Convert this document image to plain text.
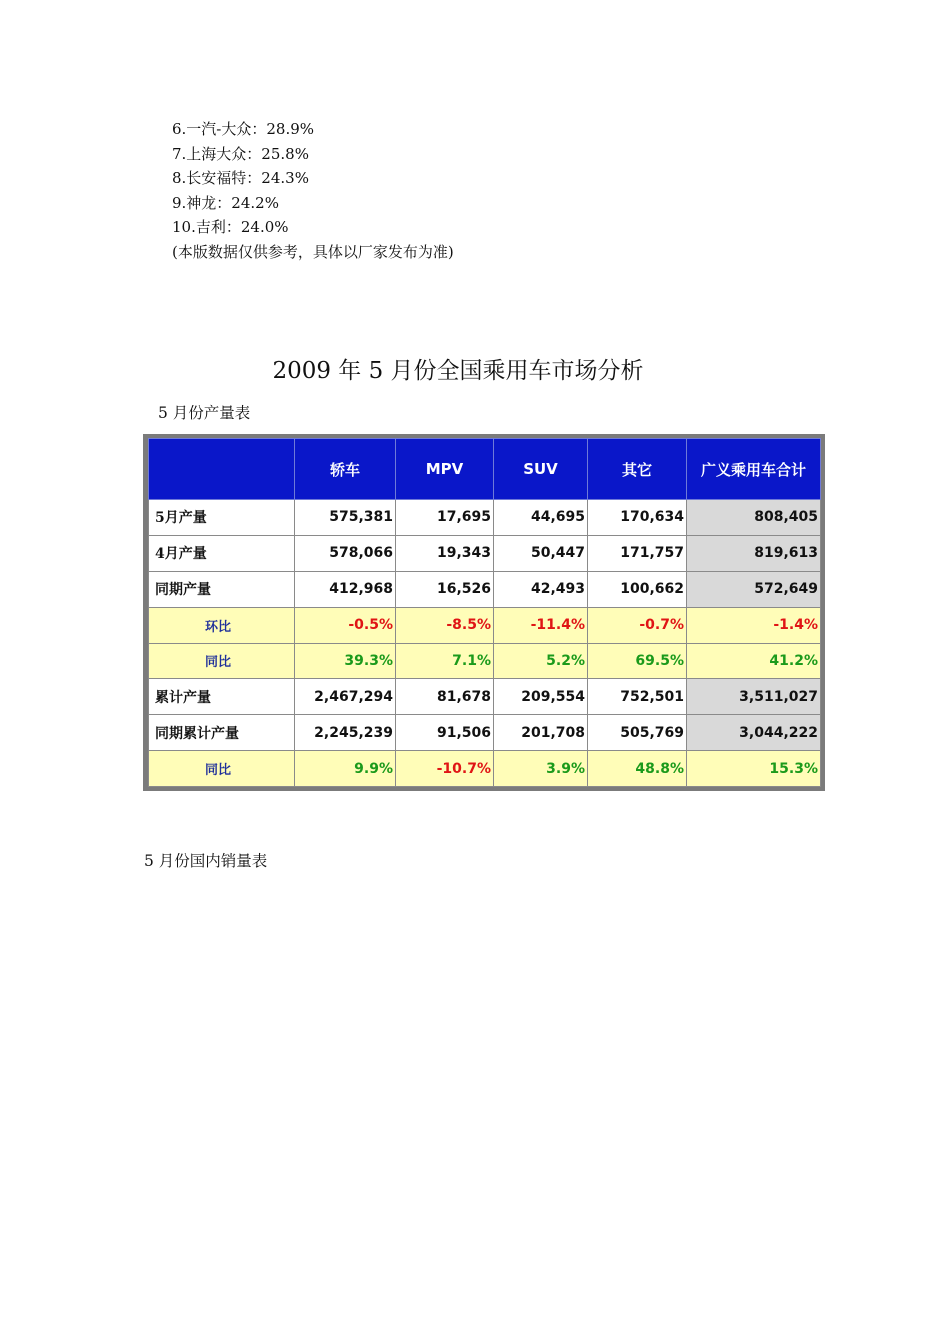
6.一汽-大众：28.9%
7.上海大众：25.8%
8.长安福特：24.3%
9.神龙：24.2%
10.吉利：24.0%
(本版数据仅供参考，具体以厂家发布为准)
2009 年 5 月份全国乘用车市场分析
5 月份产量表
	轿车	MPV	SUV	其它	广义乘用车合计
5月产量	575,381	17,695	44,695	170,634	808,405
4月产量	578,066	19,343	50,447	171,757	819,613
同期产量	412,968	16,526	42,493	100,662	572,649
环比	-0.5%	-8.5%	-11.4%	-0.7%	-1.4%
同比	39.3%	7.1%	5.2%	69.5%	41.2%
累计产量	2,467,294	81,678	209,554	752,501	3,511,027
同期累计产量	2,245,239	91,506	201,708	505,769	3,044,222
同比	9.9%	-10.7%	3.9%	48.8%	15.3%
5 月份国内销量表
